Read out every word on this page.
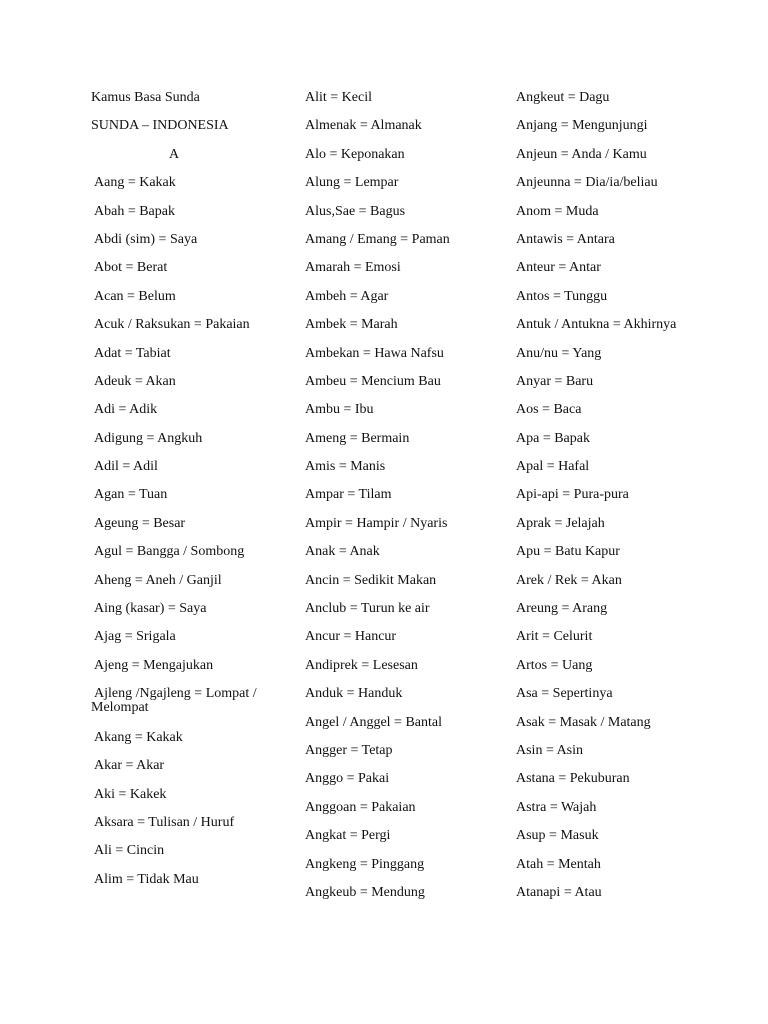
Kamus Basa Sunda
SUNDA – INDONESIA
A
Aang = Kakak
Abah = Bapak
Abdi (sim) = Saya
Abot = Berat
Acan = Belum
Acuk / Raksukan = Pakaian
Adat = Tabiat
Adeuk = Akan
Adi = Adik
Adigung = Angkuh
Adil = Adil
Agan = Tuan
Ageung = Besar
Agul = Bangga / Sombong
Aheng = Aneh / Ganjil
Aing (kasar) = Saya
Ajag = Srigala
Ajeng = Mengajukan
Ajleng /Ngajleng = Lompat / Melompat
Akang = Kakak
Akar = Akar
Aki = Kakek
Aksara = Tulisan / Huruf
Ali = Cincin
Alim = Tidak Mau
Alit = Kecil
Almenak = Almanak
Alo = Keponakan
Alung = Lempar
Alus,Sae = Bagus
Amang / Emang = Paman
Amarah = Emosi
Ambeh = Agar
Ambek = Marah
Ambekan = Hawa Nafsu
Ambeu = Mencium Bau
Ambu = Ibu
Ameng = Bermain
Amis = Manis
Ampar = Tilam
Ampir = Hampir / Nyaris
Anak = Anak
Ancin = Sedikit Makan
Anclub = Turun ke air
Ancur = Hancur
Andiprek = Lesesan
Anduk = Handuk
Angel / Anggel = Bantal
Angger = Tetap
Anggo = Pakai
Anggoan = Pakaian
Angkat = Pergi
Angkeng = Pinggang
Angkeub = Mendung
Angkeut = Dagu
Anjang = Mengunjungi
Anjeun = Anda / Kamu
Anjeunna = Dia/ia/beliau
Anom = Muda
Antawis = Antara
Anteur = Antar
Antos = Tunggu
Antuk / Antukna = Akhirnya
Anu/nu = Yang
Anyar = Baru
Aos = Baca
Apa = Bapak
Apal = Hafal
Api-api = Pura-pura
Aprak = Jelajah
Apu = Batu Kapur
Arek / Rek = Akan
Areung = Arang
Arit = Celurit
Artos = Uang
Asa = Sepertinya
Asak = Masak / Matang
Asin = Asin
Astana = Pekuburan
Astra = Wajah
Asup = Masuk
Atah = Mentah
Atanapi = Atau
